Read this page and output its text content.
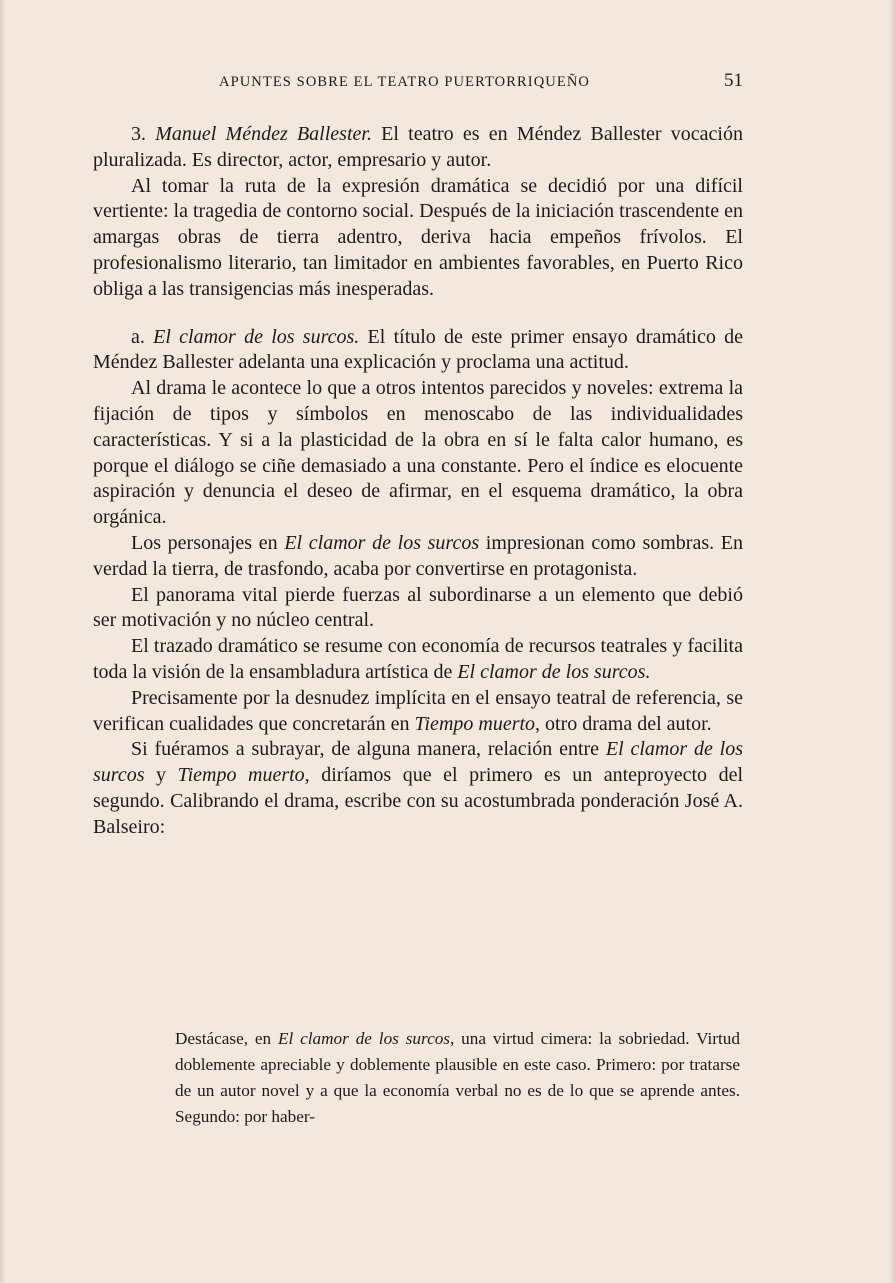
APUNTES SOBRE EL TEATRO PUERTORRIQUEÑO	51

3. Manuel Méndez Ballester. El teatro es en Méndez Ballester vocación pluralizada. Es director, actor, empresario y autor.

Al tomar la ruta de la expresión dramática se decidió por una difícil vertiente: la tragedia de contorno social. Después de la iniciación trascendente en amargas obras de tierra adentro, deriva hacia empeños frívolos. El profesionalismo literario, tan limitador en ambientes favorables, en Puerto Rico obliga a las transigencias más inesperadas.

a. El clamor de los surcos. El título de este primer ensayo dramático de Méndez Ballester adelanta una explicación y proclama una actitud.

Al drama le acontece lo que a otros intentos parecidos y noveles: extrema la fijación de tipos y símbolos en menoscabo de las individualidades características. Y si a la plasticidad de la obra en sí le falta calor humano, es porque el diálogo se ciñe demasiado a una constante. Pero el índice es elocuente aspiración y denuncia el deseo de afirmar, en el esquema dramático, la obra orgánica.

Los personajes en El clamor de los surcos impresionan como sombras. En verdad la tierra, de trasfondo, acaba por convertirse en protagonista.

El panorama vital pierde fuerzas al subordinarse a un elemento que debió ser motivación y no núcleo central.

El trazado dramático se resume con economía de recursos teatrales y facilita toda la visión de la ensambladura artística de El clamor de los surcos.

Precisamente por la desnudez implícita en el ensayo teatral de referencia, se verifican cualidades que concretarán en Tiempo muerto, otro drama del autor.

Si fuéramos a subrayar, de alguna manera, relación entre El clamor de los surcos y Tiempo muerto, diríamos que el primero es un anteproyecto del segundo. Calibrando el drama, escribe con su acostumbrada ponderación José A. Balseiro:

Destácase, en El clamor de los surcos, una virtud cimera: la sobriedad. Virtud doblemente apreciable y doblemente plausible en este caso. Primero: por tratarse de un autor novel y a que la economía verbal no es de lo que se aprende antes. Segundo: por haber-
